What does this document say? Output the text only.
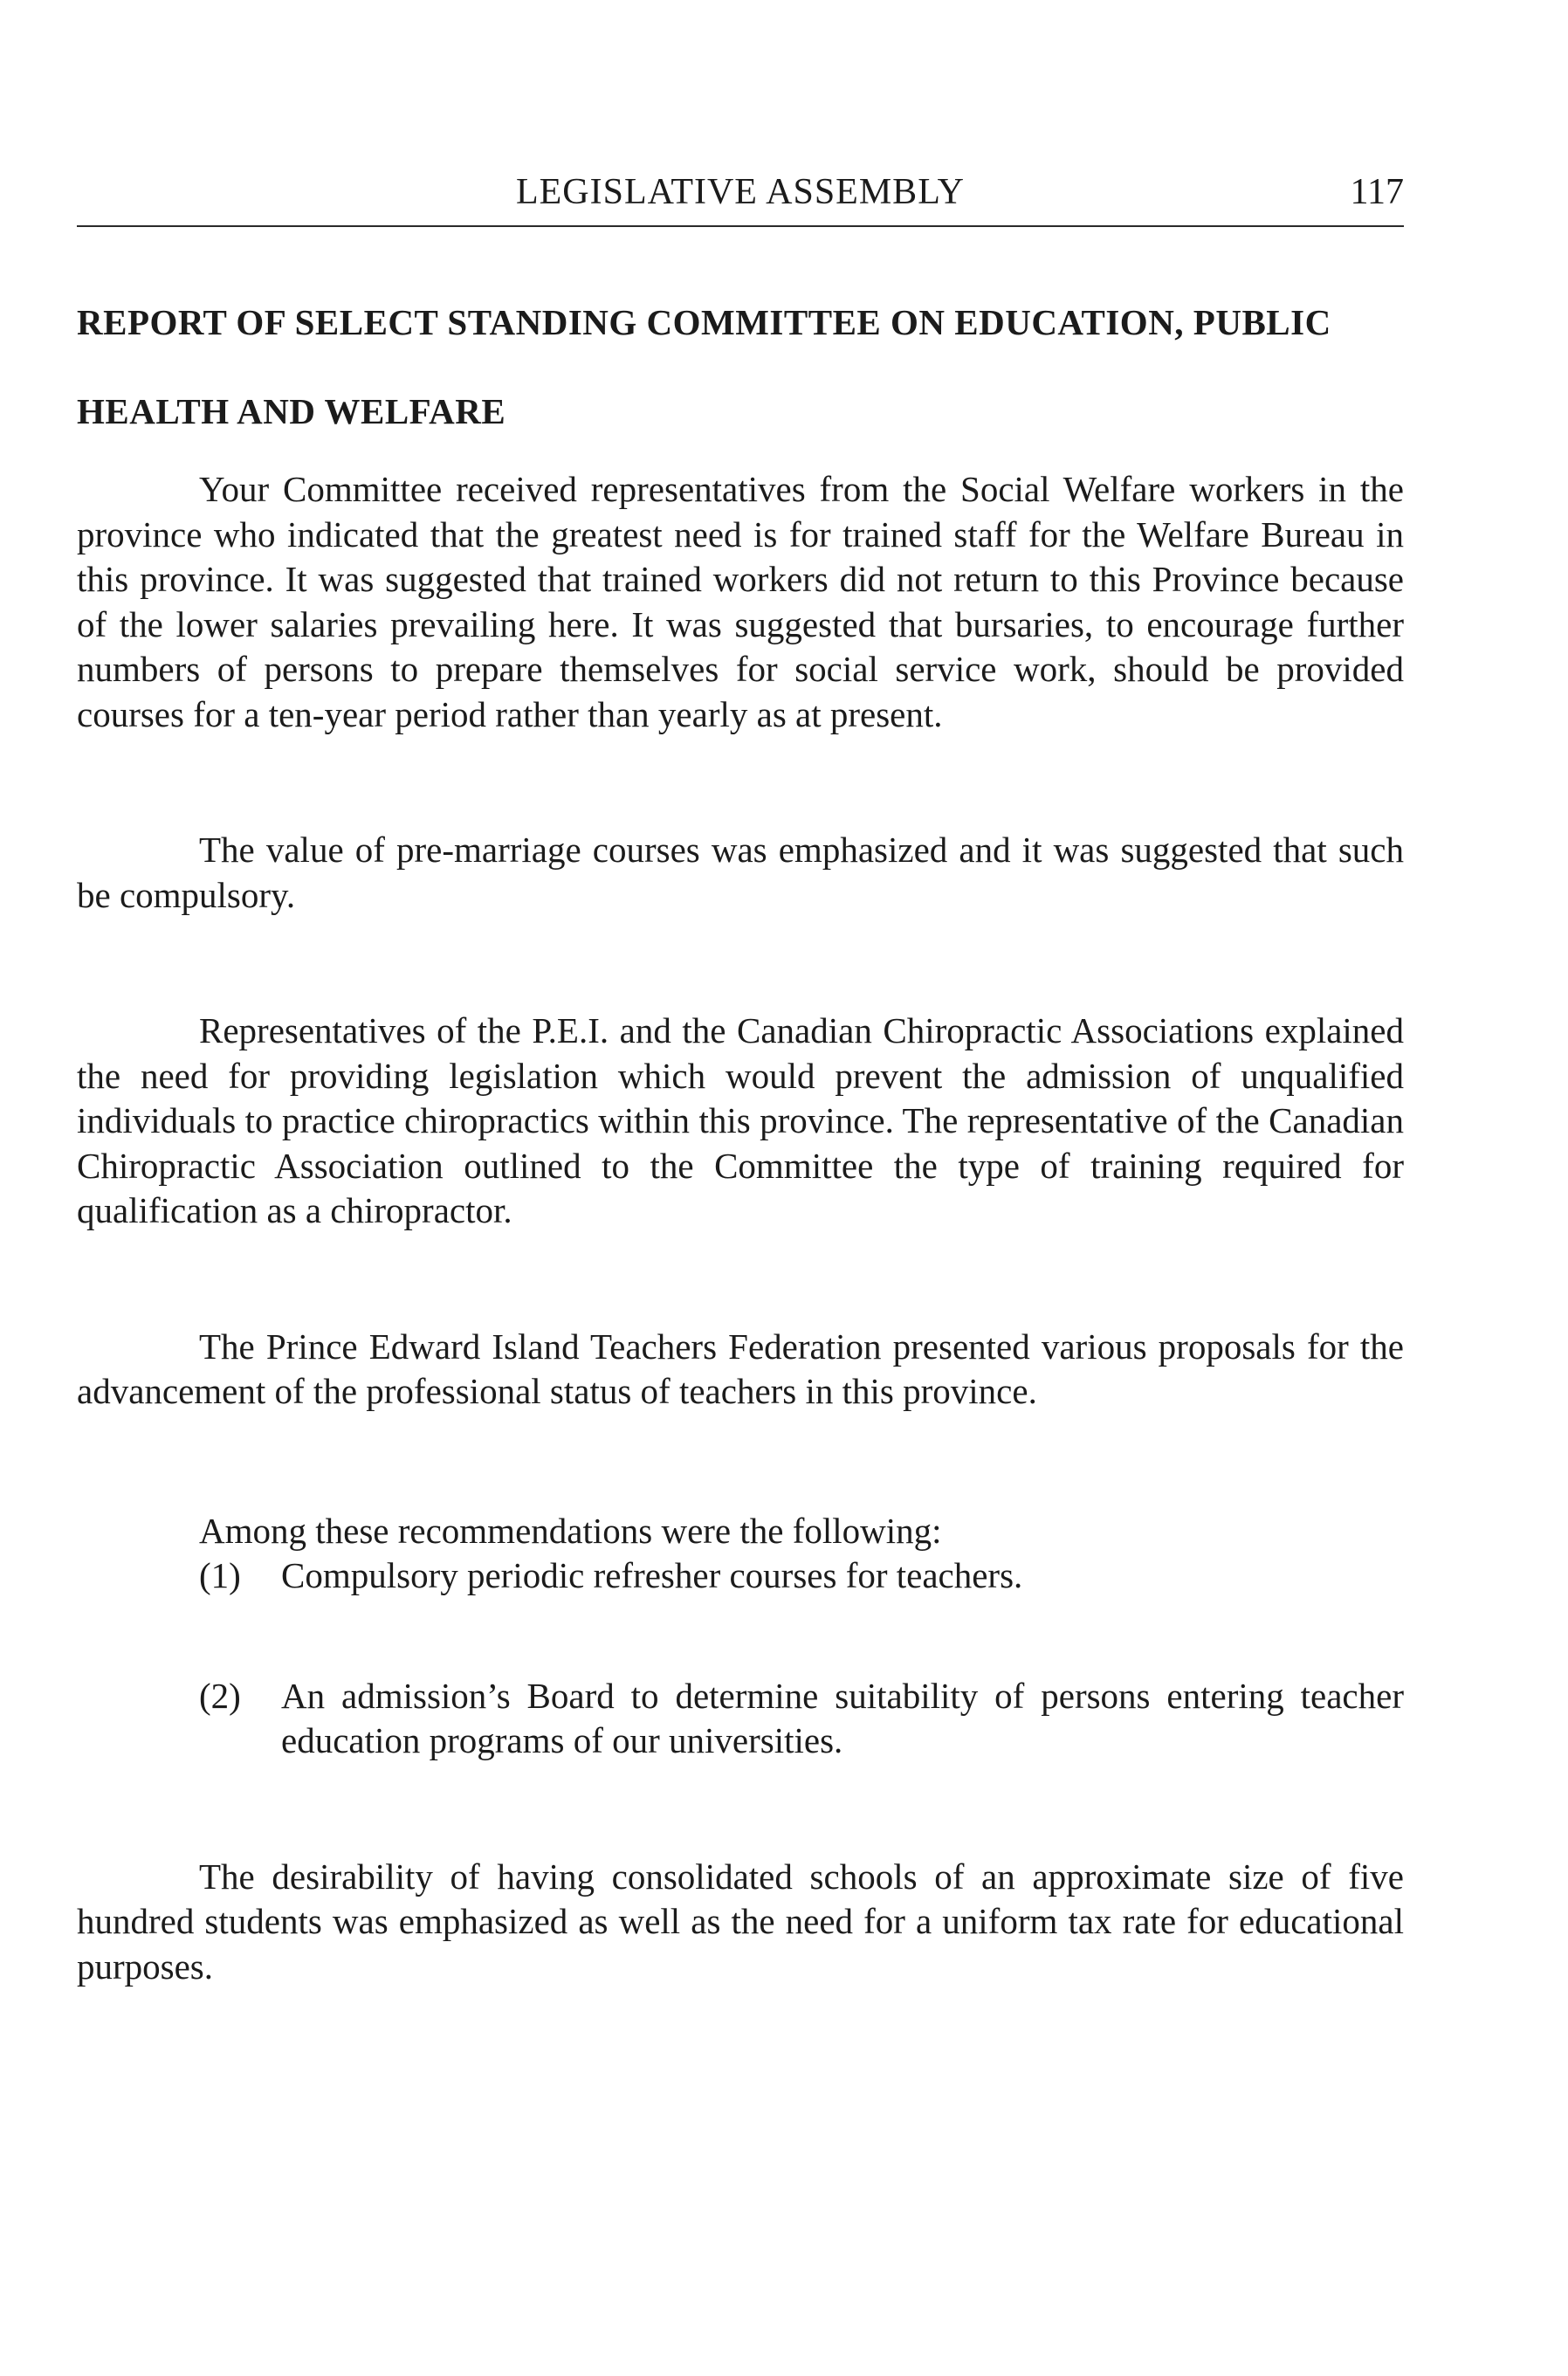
LEGISLATIVE ASSEMBLY	117
REPORT OF SELECT STANDING COMMITTEE ON EDUCATION, PUBLIC HEALTH AND WELFARE

Your Committee received representatives from the Social Welfare workers in the province who indicated that the greatest need is for trained staff for the Welfare Bureau in this province. It was suggested that trained workers did not return to this Province because of the lower salaries prevailing here. It was suggested that bursaries, to encourage further numbers of persons to prepare themselves for social service work, should be provided courses for a ten-year period rather than yearly as at present.

The value of pre-marriage courses was emphasized and it was suggested that such be compulsory.

Representatives of the P.E.I. and the Canadian Chiropractic Associations explained the need for providing legislation which would prevent the admission of unqualified individuals to practice chiropractics within this province. The representative of the Canadian Chiropractic Association outlined to the Committee the type of training required for qualification as a chiropractor.

The Prince Edward Island Teachers Federation presented various proposals for the advancement of the professional status of teachers in this province.

Among these recommendations were the following:

(1) Compulsory periodic refresher courses for teachers.
(2) An admission’s Board to determine suitability of persons entering teacher education programs of our universities.

The desirability of having consolidated schools of an approximate size of five hundred students was emphasized as well as the need for a uniform tax rate for educational purposes.
